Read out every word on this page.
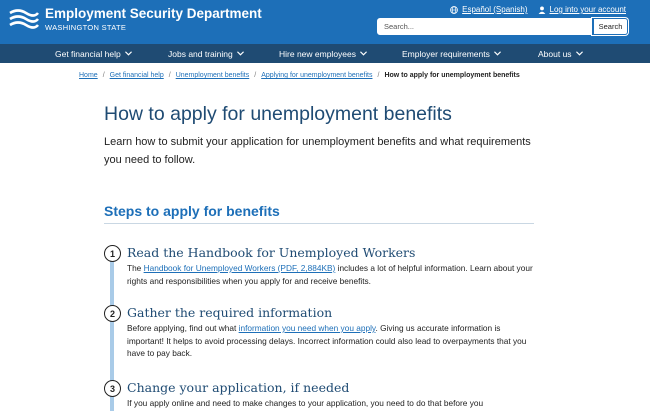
Employment Security Department
WASHINGTON STATE
Español (Spanish)	Log into your account
Search...
Search
Get financial help	Jobs and training	Hire new employees	Employer requirements	About us
Home / Get financial help / Unemployment benefits / Applying for unemployment benefits / How to apply for unemployment benefits
How to apply for unemployment benefits

Learn how to submit your application for unemployment benefits and what requirements you need to follow.

Steps to apply for benefits
1 Read the Handbook for Unemployed Workers
The Handbook for Unemployed Workers (PDF, 2,884KB) includes a lot of helpful information. Learn about your rights and responsibilities when you apply for and receive benefits.
2 Gather the required information
Before applying, find out what information you need when you apply. Giving us accurate information is important! It helps to avoid processing delays. Incorrect information could also lead to overpayments that you have to pay back.
3 Change your application, if needed
If you apply online and need to make changes to your application, you need to do that before you
